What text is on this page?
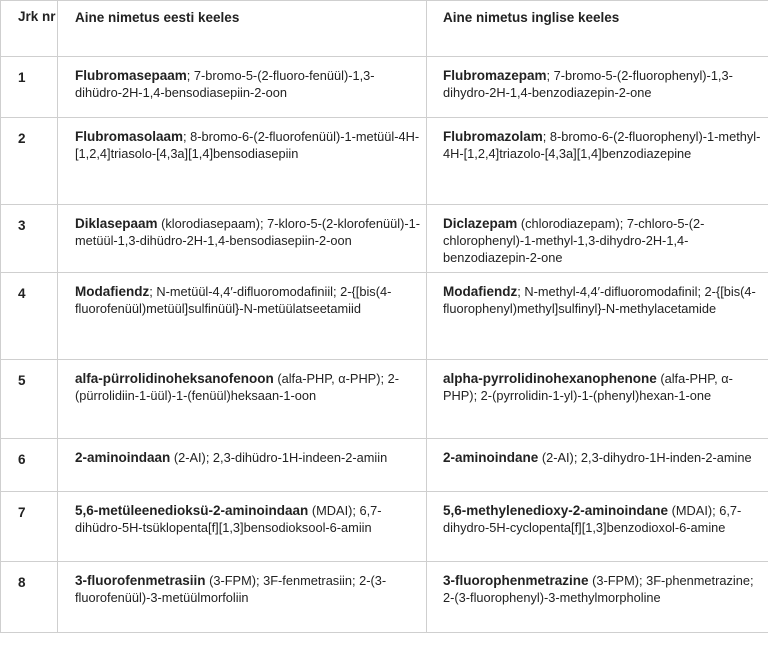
Jrk nr	Aine nimetus eesti keeles	Aine nimetus inglise keeles

1	Flubromasepaam; 7-bromo-5-(2-fluoro-fenüül)-1,3-dihüdro-2H-1,4-bensodiasepiin-2-oon	Flubromazepam; 7-bromo-5-(2-fluorophenyl)-1,3-dihydro-2H-1,4-benzodiazepin-2-one

2	Flubromasolaam; 8-bromo-6-(2-fluorofenüül)-1-metüül-4H-[1,2,4]triasolo-[4,3a][1,4]bensodiasepiin	Flubromazolam; 8-bromo-6-(2-fluorophenyl)-1-methyl-4H-[1,2,4]triazolo-[4,3a][1,4]benzodiazepine

3	Diklasepaam (klorodiasepaam); 7-kloro-5-(2-klorofenüül)-1-metüül-1,3-dihüdro-2H-1,4-bensodiasepiin-2-oon	Diclazepam (chlorodiazepam); 7-chloro-5-(2-chlorophenyl)-1-methyl-1,3-dihydro-2H-1,4-benzodiazepin-2-one

4	Modafiendz; N-metüül-4,4′-difluoromodafiniil; 2-{[bis(4-fluorofenüül)metüül]sulfinüül}-N-metüülatseetamiid	Modafiendz; N-methyl-4,4′-difluoromodafinil; 2-{[bis(4-fluorophenyl)methyl]sulfinyl}-N-methylacetamide

5	alfa-pürrolidinoheksanofenoon (alfa-PHP, α-PHP); 2-(pürrolidiin-1-üül)-1-(fenüül)heksaan-1-oon	alpha-pyrrolidinohexanophenone (alfa-PHP, α-PHP); 2-(pyrrolidin-1-yl)-1-(phenyl)hexan-1-one

6	2-aminoindaan (2-AI); 2,3-dihüdro-1H-indeen-2-amiin	2-aminoindane (2-AI); 2,3-dihydro-1H-inden-2-amine

7	5,6-metüleenedioksü-2-aminoindaan (MDAI); 6,7-dihüdro-5H-tsüklopenta[f][1,3]bensodioksool-6-amiin	5,6-methylenedioxy-2-aminoindane (MDAI); 6,7-dihydro-5H-cyclopenta[f][1,3]benzodioxol-6-amine

8	3-fluorofenmetrasiin (3-FPM); 3F-fenmetrasiin; 2-(3-fluorofenüül)-3-metüülmorfoliin	3-fluorophenmetrazine (3-FPM); 3F-phenmetrazine; 2-(3-fluorophenyl)-3-methylmorpholine
